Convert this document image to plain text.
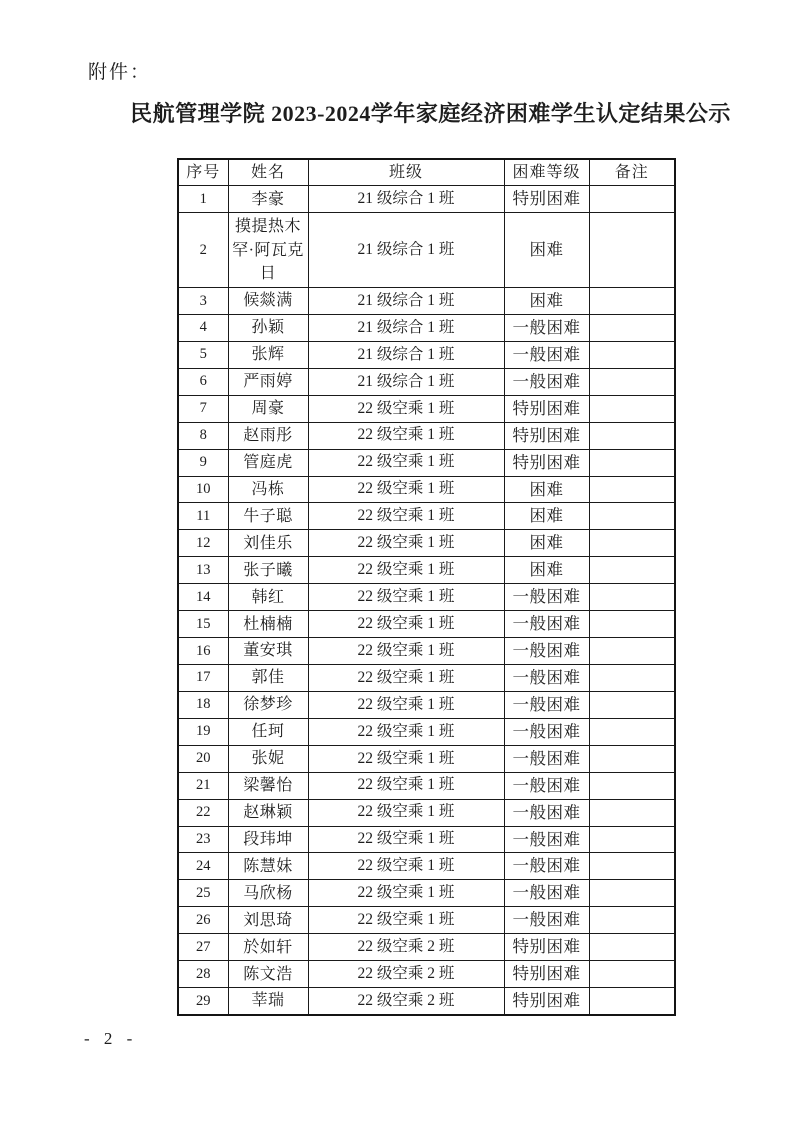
附件：
民航管理学院 2023-2024学年家庭经济困难学生认定结果公示
序号	姓名	班级	困难等级	备注
1	李豪	21 级综合 1 班	特别困难	
2	摸提热木罕·阿瓦克日	21 级综合 1 班	困难	
3	候燚满	21 级综合 1 班	困难	
4	孙颖	21 级综合 1 班	一般困难	
5	张辉	21 级综合 1 班	一般困难	
6	严雨婷	21 级综合 1 班	一般困难	
7	周豪	22 级空乘 1 班	特别困难	
8	赵雨彤	22 级空乘 1 班	特别困难	
9	管庭虎	22 级空乘 1 班	特别困难	
10	冯栋	22 级空乘 1 班	困难	
11	牛子聪	22 级空乘 1 班	困难	
12	刘佳乐	22 级空乘 1 班	困难	
13	张子曦	22 级空乘 1 班	困难	
14	韩红	22 级空乘 1 班	一般困难	
15	杜楠楠	22 级空乘 1 班	一般困难	
16	董安琪	22 级空乘 1 班	一般困难	
17	郭佳	22 级空乘 1 班	一般困难	
18	徐梦珍	22 级空乘 1 班	一般困难	
19	任珂	22 级空乘 1 班	一般困难	
20	张妮	22 级空乘 1 班	一般困难	
21	梁馨怡	22 级空乘 1 班	一般困难	
22	赵琳颖	22 级空乘 1 班	一般困难	
23	段玮坤	22 级空乘 1 班	一般困难	
24	陈慧妹	22 级空乘 1 班	一般困难	
25	马欣杨	22 级空乘 1 班	一般困难	
26	刘思琦	22 级空乘 1 班	一般困难	
27	於如轩	22 级空乘 2 班	特别困难	
28	陈文浩	22 级空乘 2 班	特别困难	
29	莘瑞	22 级空乘 2 班	特别困难	
- 2 -
